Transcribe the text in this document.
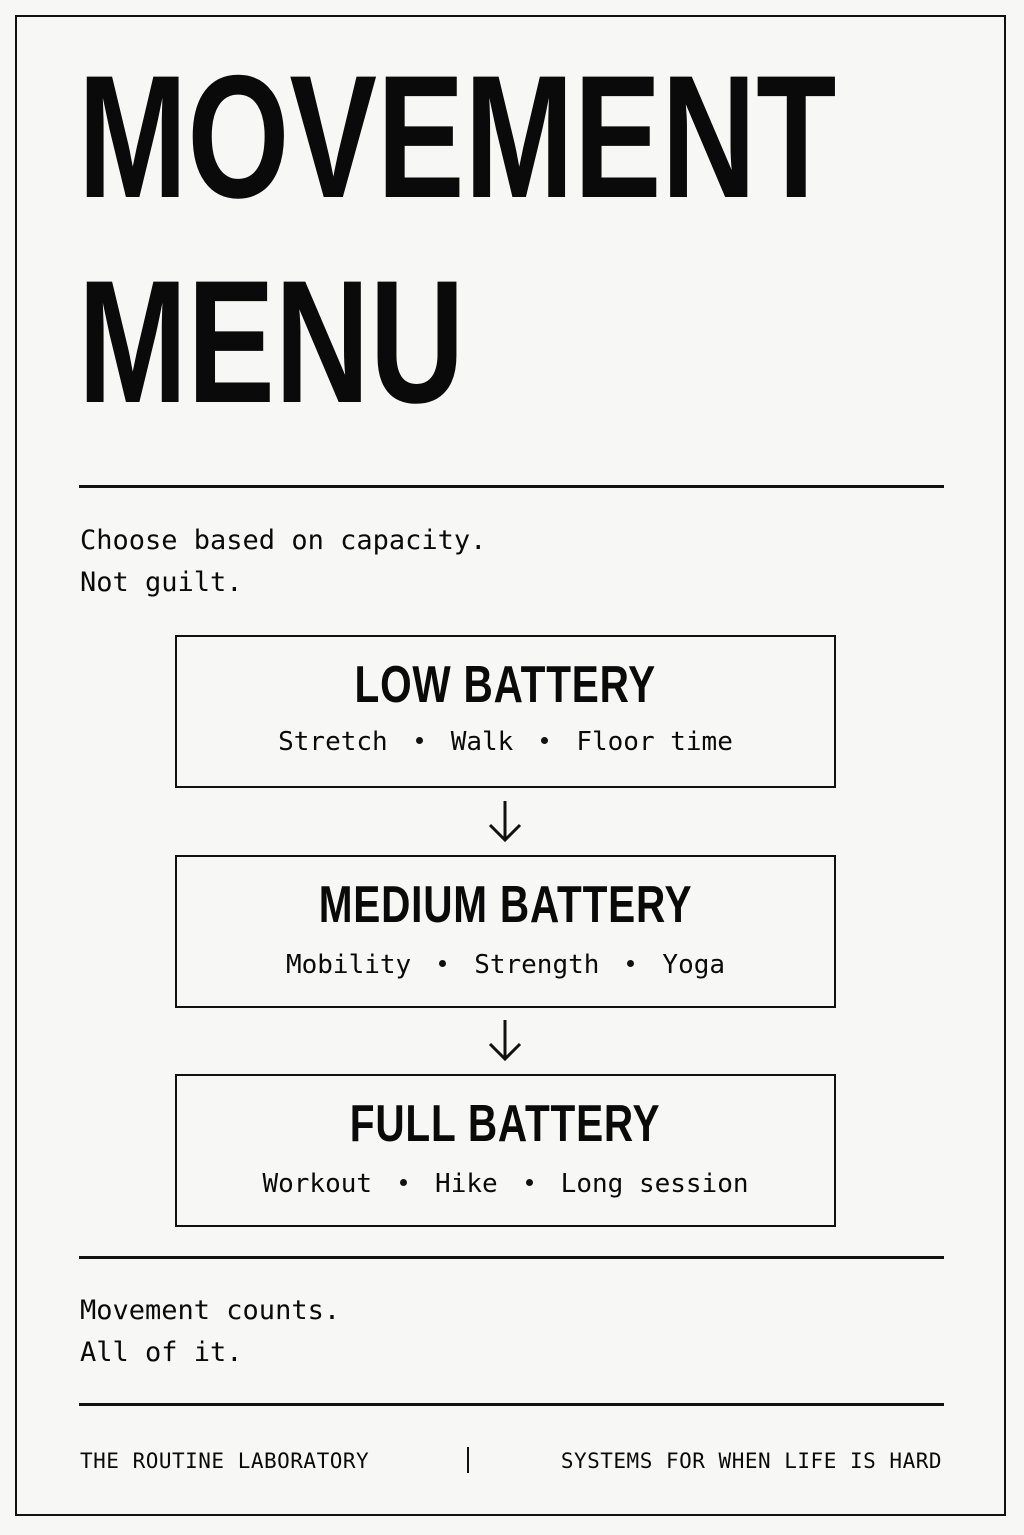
MOVEMENT
MENU
Choose based on capacity.
Not guilt.
LOW BATTERY
Stretch Walk Floor time
MEDIUM BATTERY
Mobility Strength Yoga
FULL BATTERY
Workout Hike Long session
Movement counts.
All of it.
THE ROUTINE LABORATORY	SYSTEMS FOR WHEN LIFE IS HARD
